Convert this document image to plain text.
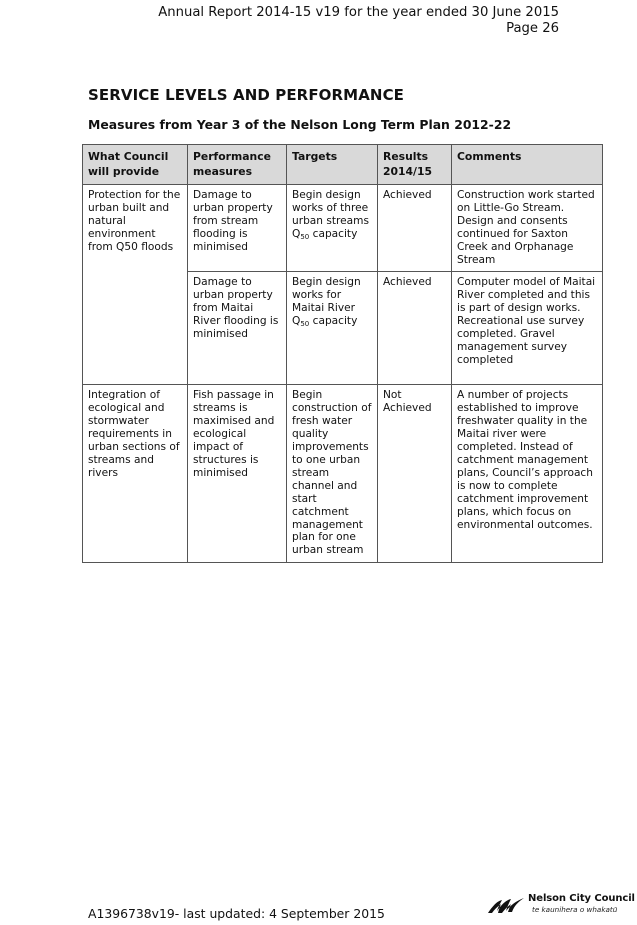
Annual Report 2014-15 v19 for the year ended 30 June 2015
Page 26
SERVICE LEVELS AND PERFORMANCE
Measures from Year 3 of the Nelson Long Term Plan 2012-22
What Council will provide	Performance measures	Targets	Results 2014/15	Comments
Protection for the urban built and natural environment from Q50 floods	Damage to urban property from stream flooding is minimised	Begin design works of three urban streams $Q_{50}$ capacity	Achieved	Construction work started on Little-Go Stream. Design and consents continued for Saxton Creek and Orphanage Stream
	Damage to urban property from Maitai River flooding is minimised	Begin design works for Maitai River $Q_{50}$ capacity	Achieved	Computer model of Maitai River completed and this is part of design works. Recreational use survey completed. Gravel management survey completed
Integration of ecological and stormwater requirements in urban sections of streams and rivers	Fish passage in streams is maximised and ecological impact of structures is minimised	Begin construction of fresh water quality improvements to one urban stream channel and start catchment management plan for one urban stream	Not Achieved	A number of projects established to improve freshwater quality in the Maitai river were completed. Instead of catchment management plans, Council’s approach is now to complete catchment improvement plans, which focus on environmental outcomes.
A1396738v19- last updated: 4 September 2015
Nelson City Council
te kaunihera o whakatū
